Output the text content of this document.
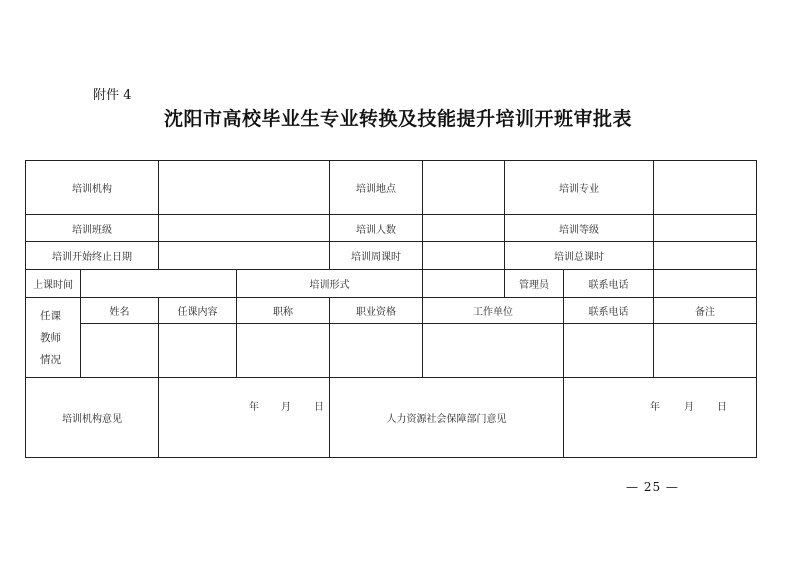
附件 4
沈阳市高校毕业生专业转换及技能提升培训开班审批表
培训机构				培训地点		培训专业		
培训班级				培训人数		培训等级		
培训开始终止日期				培训周课时		培训总课时		
上课时间			培训形式			管理员	联系电话	
任课
教师
情况	姓名	任课内容	职称	职业资格	工作单位		联系电话	备注

培训机构意见		年 月 日		人力资源社会保障部门意见			年 月 日	
— 25 —
